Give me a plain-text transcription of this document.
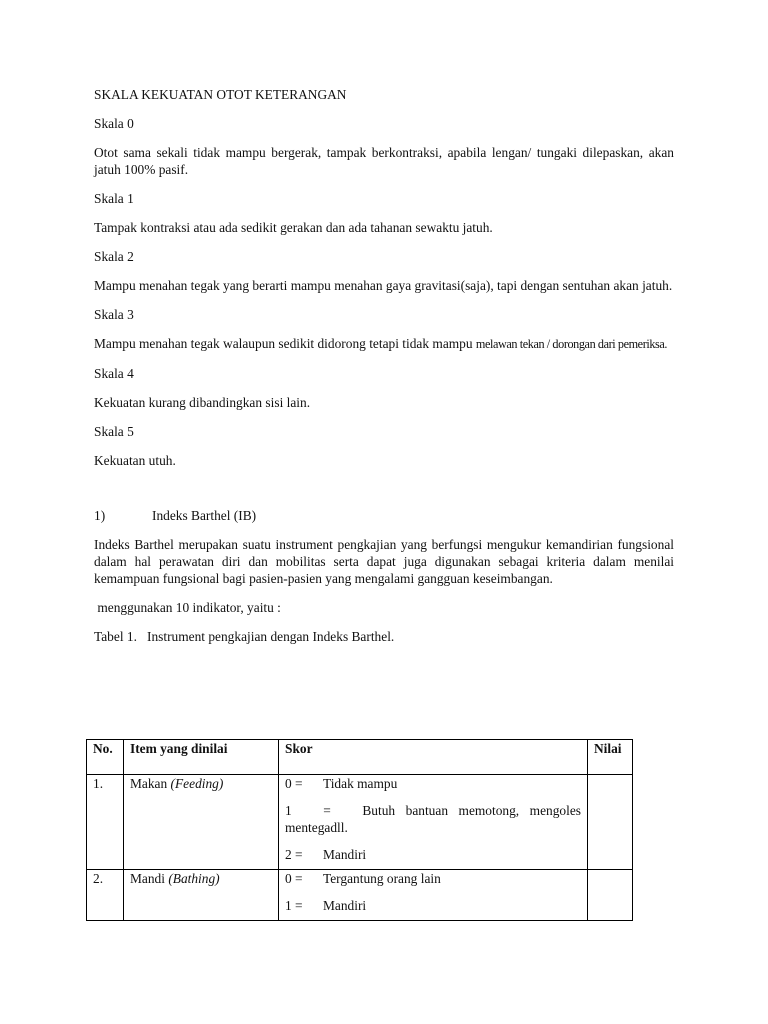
SKALA KEKUATAN OTOT KETERANGAN

Skala 0

Otot sama sekali tidak mampu bergerak, tampak berkontraksi, apabila lengan/ tungaki dilepaskan, akan jatuh 100% pasif.

Skala 1

Tampak kontraksi atau ada sedikit gerakan dan ada tahanan sewaktu jatuh.

Skala 2

Mampu menahan tegak yang berarti mampu menahan gaya gravitasi(saja), tapi dengan sentuhan akan jatuh.

Skala 3

Mampu menahan tegak walaupun sedikit didorong tetapi tidak mampu melawan tekan / dorongan dari pemeriksa.

Skala 4

Kekuatan kurang dibandingkan sisi lain.

Skala 5

Kekuatan utuh.

1)	Indeks Barthel (IB)

Indeks Barthel merupakan suatu instrument pengkajian yang berfungsi mengukur kemandirian fungsional dalam hal perawatan diri dan mobilitas serta dapat juga digunakan sebagai kriteria dalam menilai kemampuan fungsional bagi pasien-pasien yang mengalami gangguan keseimbangan.

menggunakan 10 indikator, yaitu :

Tabel 1.   Instrument pengkajian dengan Indeks Barthel.

No.	Item yang dinilai	Skor	Nilai
1.	Makan (Feeding)	0 = Tidak mampu
1   =   Butuh bantuan memotong, mengoles mentegadll.
2 = Mandiri	

2.	Mandi (Bathing)	0 = Tergantung orang lain
1 = Mandiri	
